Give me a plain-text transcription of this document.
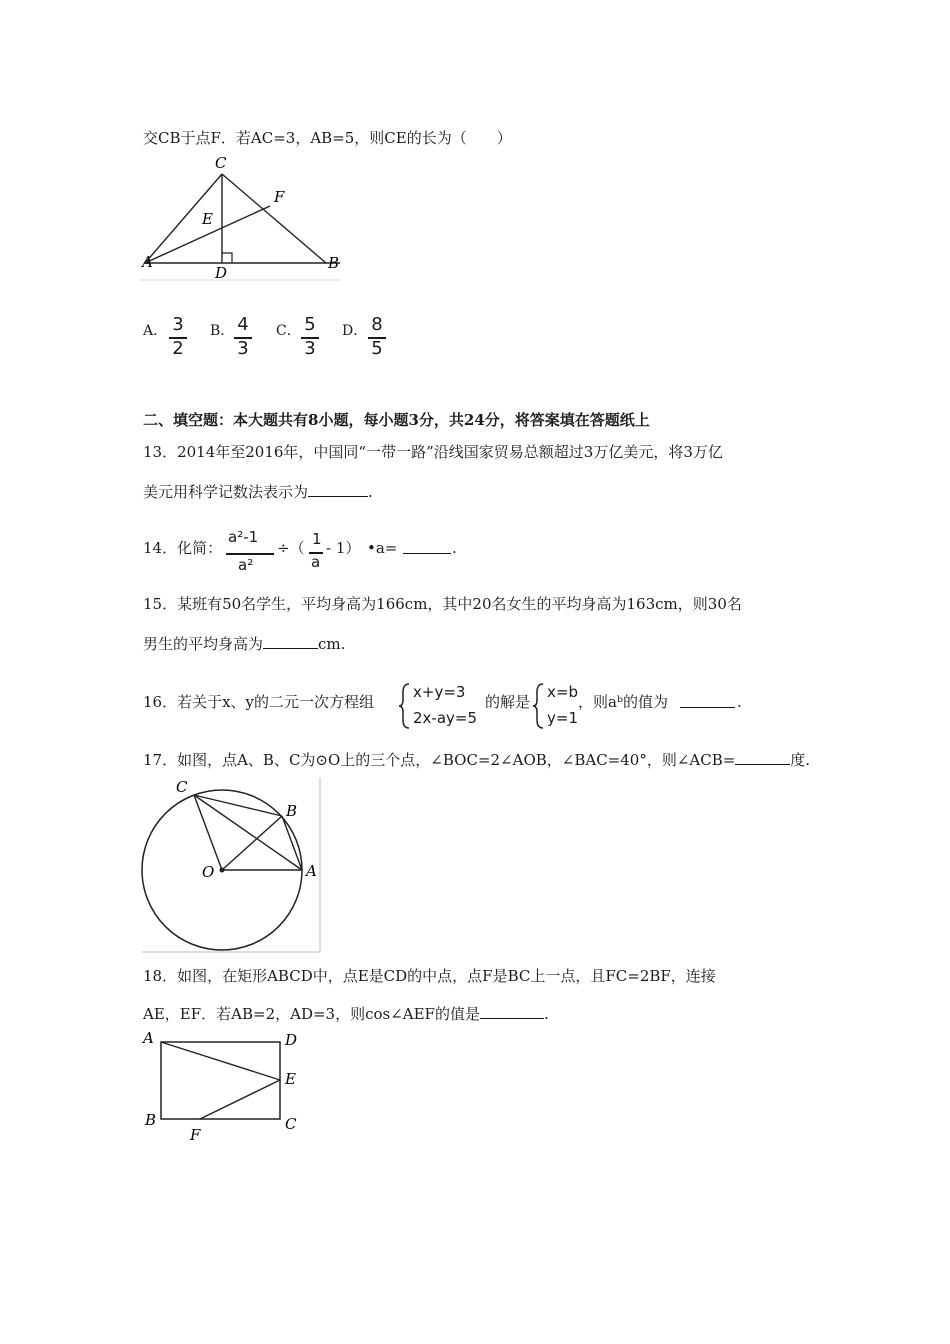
交CB于点F．若AC=3，AB=5，则CE的长为（　　）
C
F
E
A
D
B
A． 3
2
B． 4
3
C． 5
3
D． 8
5
二、填空题：本大题共有8小题，每小题3分，共24分，将答案填在答题纸上
13．2014年至2016年，中国同“一带一路”沿线国家贸易总额超过3万亿美元，将3万亿
美元用科学记数法表示为	.
14．化简：
a²-1
a²
÷（ 1
a
- 1） •a=	.
15．某班有50名学生，平均身高为166cm，其中20名女生的平均身高为163cm，则30名
男生的平均身高为	cm.
16．若关于x、y的二元一次方程组
x+y=3
2x-ay=5
的解是
x=b
y=1
，则aᵇ的值为	.
17．如图，点A、B、C为⊙O上的三个点，∠BOC=2∠AOB，∠BAC=40°，则∠ACB=	度.
C
B
O	A
18．如图，在矩形ABCD中，点E是CD的中点，点F是BC上一点，且FC=2BF，连接
AE，EF．若AB=2，AD=3，则cos∠AEF的值是	.
A	D
E
B
F
C
